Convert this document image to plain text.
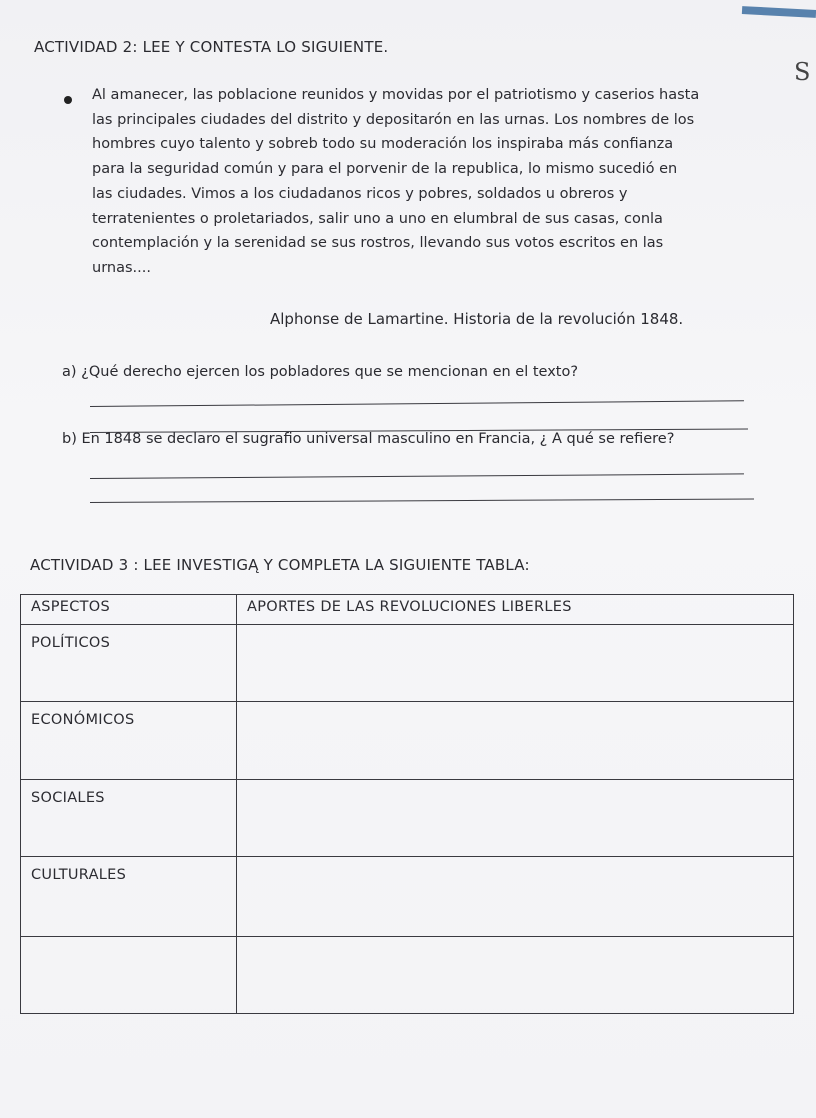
S
ACTIVIDAD 2: LEE Y CONTESTA LO SIGUIENTE.

Al amanecer, las poblacione reunidos y movidas por el patriotismo y caserios hasta
las principales ciudades del distrito y depositarón en las urnas. Los nombres de los
hombres cuyo talento y sobreb todo su moderación los inspiraba más confianza
para la seguridad común y para el porvenir de la republica, lo mismo sucedió en
las ciudades. Vimos a los ciudadanos ricos y pobres, soldados u obreros y
terratenientes o proletariados, salir uno a uno en elumbral de sus casas, conla
contemplación y la serenidad se sus rostros, llevando sus votos escritos en las
urnas....

Alphonse de Lamartine. Historia de la revolución 1848.
a) ¿Qué derecho ejercen los pobladores que se mencionan en el texto?
b) En 1848 se declaro el sugrafio universal masculino en Francia, ¿ A qué se refiere?
ACTIVIDAD 3 : LEE INVESTIGĄ Y COMPLETA LA SIGUIENTE TABLA:
ASPECTOS	APORTES DE LAS REVOLUCIONES LIBERLES
POLÍTICOS	
ECONÓMICOS	
SOCIALES	
CULTURALES	
